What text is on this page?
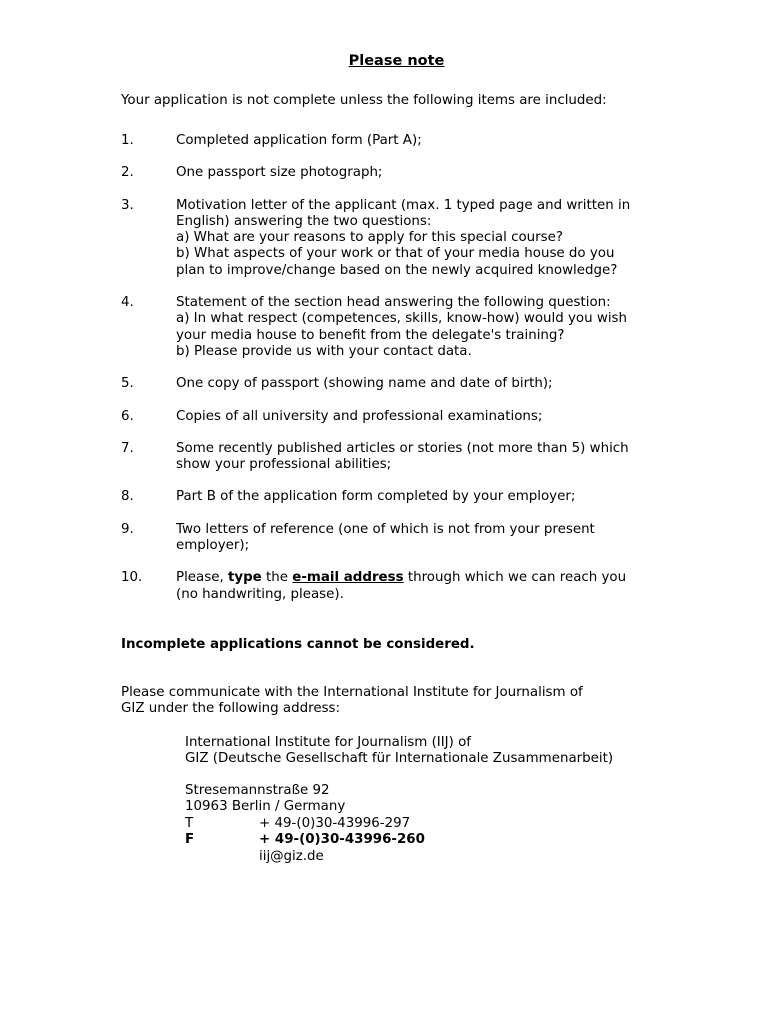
Please note
Your application is not complete unless the following items are included:
1.	Completed application form (Part A);
2.	One passport size photograph;
3.	Motivation letter of the applicant (max. 1 typed page and written in
English) answering the two questions:
a) What are your reasons to apply for this special course?
b) What aspects of your work or that of your media house do you
plan to improve/change based on the newly acquired knowledge?
4.	Statement of the section head answering the following question:
a) In what respect (competences, skills, know-how) would you wish
your media house to benefit from the delegate's training?
b) Please provide us with your contact data.
5.	One copy of passport (showing name and date of birth);
6.	Copies of all university and professional examinations;
7.	Some recently published articles or stories (not more than 5) which
show your professional abilities;
8.	Part B of the application form completed by your employer;
9.	Two letters of reference (one of which is not from your present
employer);
10.	Please, type the e-mail address through which we can reach you
(no handwriting, please).
Incomplete applications cannot be considered.
Please communicate with the International Institute for Journalism of
GIZ under the following address:
International Institute for Journalism (IIJ) of
GIZ (Deutsche Gesellschaft für Internationale Zusammenarbeit)
Stresemannstraße 92
10963 Berlin / Germany
T	+ 49-(0)30-43996-297
F	+ 49-(0)30-43996-260
iij@giz.de
